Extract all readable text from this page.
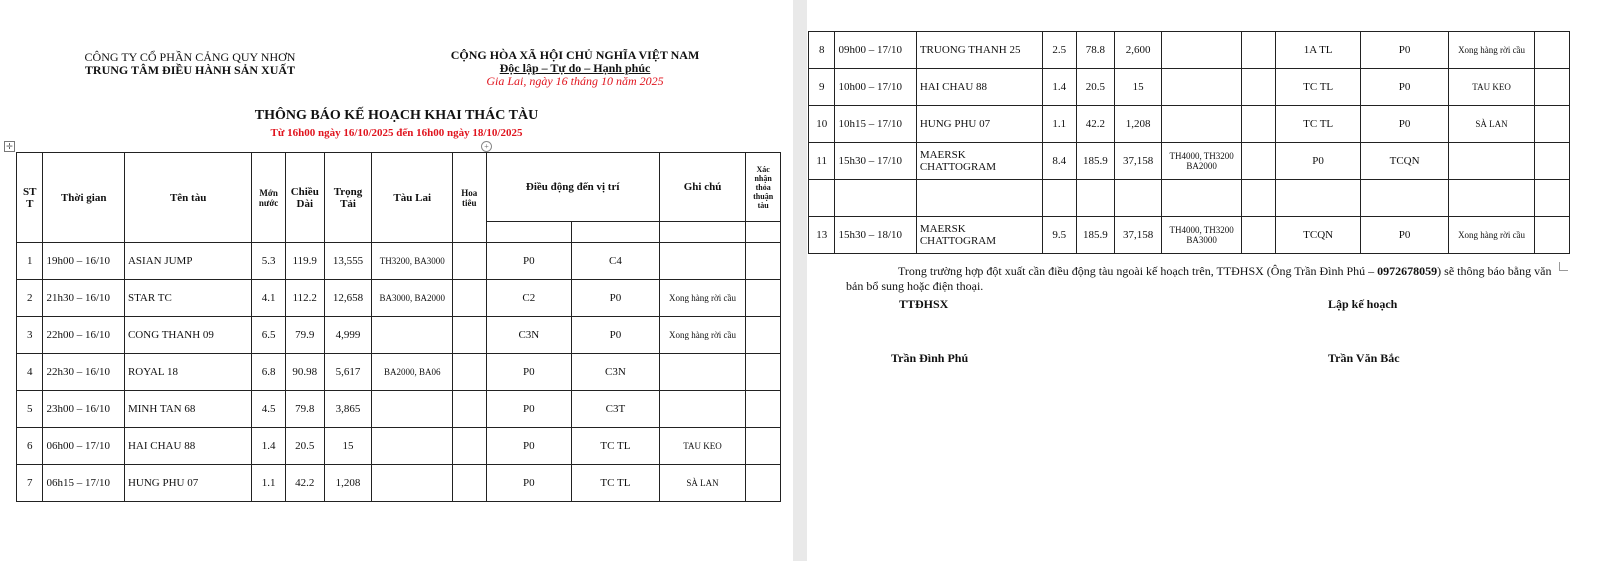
CÔNG TY CỔ PHẦN CẢNG QUY NHƠN
TRUNG TÂM ĐIỀU HÀNH SẢN XUẤT
CỘNG HÒA XÃ HỘI CHỦ NGHĨA VIỆT NAM
Độc lập – Tự do – Hạnh phúc
Gia Lai, ngày 16 tháng 10 năm 2025
THÔNG BÁO KẾ HOẠCH KHAI THÁC TÀU
Từ 16h00 ngày 16/10/2025 đến 16h00 ngày 18/10/2025
✛	+
ST T	Thời gian	Tên tàu	Mớn nước	Chiều Dài	Trọng Tải	Tàu Lai	Hoa tiêu	Điều động đến vị trí		Ghi chú	Xác nhận thỏa thuận tàu

1	19h00 – 16/10	ASIAN JUMP	5.3	119.9	13,555	TH3200, BA3000		P0	C4		
2	21h30 – 16/10	STAR TC	4.1	112.2	12,658	BA3000, BA2000		C2	P0	Xong hàng rời cầu	
3	22h00 – 16/10	CONG THANH 09	6.5	79.9	4,999			C3N	P0	Xong hàng rời cầu	
4	22h30 – 16/10	ROYAL 18	6.8	90.98	5,617	BA2000, BA06		P0	C3N		
5	23h00 – 16/10	MINH TAN 68	4.5	79.8	3,865			P0	C3T		
6	06h00 – 17/10	HAI CHAU 88	1.4	20.5	15			P0	TC TL	TAU KEO	
7	06h15 – 17/10	HUNG PHU 07	1.1	42.2	1,208			P0	TC TL	SÀ LAN	
8	09h00 – 17/10	TRUONG THANH 25	2.5	78.8	2,600			1A TL	P0	Xong hàng rời cầu	
9	10h00 – 17/10	HAI CHAU 88	1.4	20.5	15			TC TL	P0	TAU KEO	
10	10h15 – 17/10	HUNG PHU 07	1.1	42.2	1,208			TC TL	P0	SÀ LAN	
11	15h30 – 17/10	MAERSK CHATTOGRAM	8.4	185.9	37,158	TH4000, TH3200 BA2000		P0	TCQN		

13	15h30 – 18/10	MAERSK CHATTOGRAM	9.5	185.9	37,158	TH4000, TH3200 BA3000		TCQN	P0	Xong hàng rời cầu	
Trong trường hợp đột xuất cần điều động tàu ngoài kế hoạch trên, TTĐHSX (Ông Trần Đình Phú – 0972678059) sẽ thông báo bằng văn bản bổ sung hoặc điện thoại.
TTĐHSX
Trần Đình Phú
Lập kế hoạch
Trần Văn Bắc
